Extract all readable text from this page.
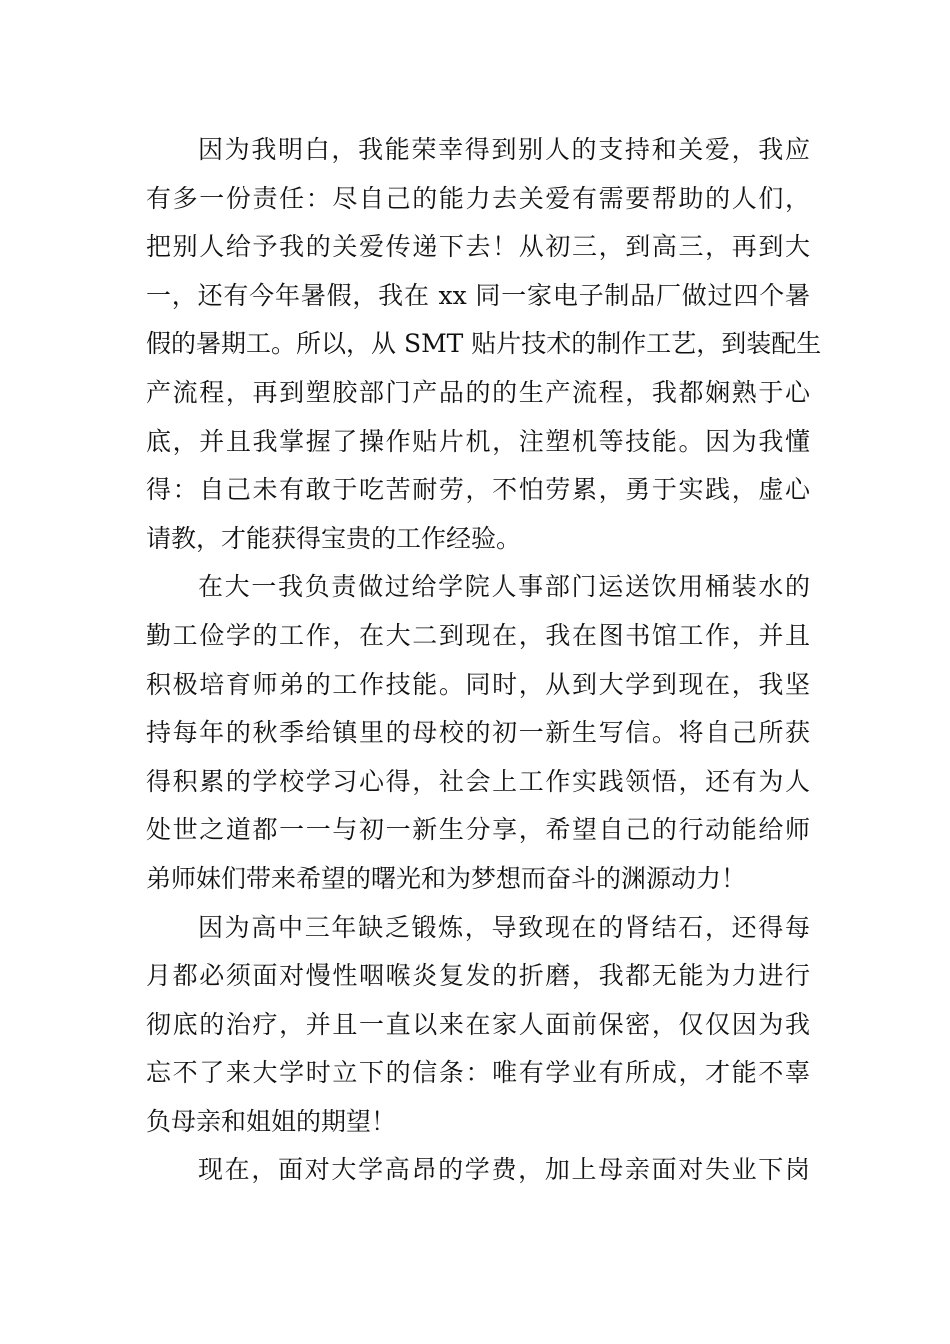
因为我明白，我能荣幸得到别人的支持和关爱，我应
有多一份责任：尽自己的能力去关爱有需要帮助的人们，
把别人给予我的关爱传递下去！从初三，到高三，再到大
一，还有今年暑假，我在 xx 同一家电子制品厂做过四个暑
假的暑期工。所以，从 SMT 贴片技术的制作工艺，到装配生
产流程，再到塑胶部门产品的的生产流程，我都娴熟于心
底，并且我掌握了操作贴片机，注塑机等技能。因为我懂
得：自己未有敢于吃苦耐劳，不怕劳累，勇于实践，虚心
请教，才能获得宝贵的工作经验。
在大一我负责做过给学院人事部门运送饮用桶装水的
勤工俭学的工作，在大二到现在，我在图书馆工作，并且
积极培育师弟的工作技能。同时，从到大学到现在，我坚
持每年的秋季给镇里的母校的初一新生写信。将自己所获
得积累的学校学习心得，社会上工作实践领悟，还有为人
处世之道都一一与初一新生分享，希望自己的行动能给师
弟师妹们带来希望的曙光和为梦想而奋斗的渊源动力！
因为高中三年缺乏锻炼，导致现在的肾结石，还得每
月都必须面对慢性咽喉炎复发的折磨，我都无能为力进行
彻底的治疗，并且一直以来在家人面前保密，仅仅因为我
忘不了来大学时立下的信条：唯有学业有所成，才能不辜
负母亲和姐姐的期望！
现在，面对大学高昂的学费，加上母亲面对失业下岗
